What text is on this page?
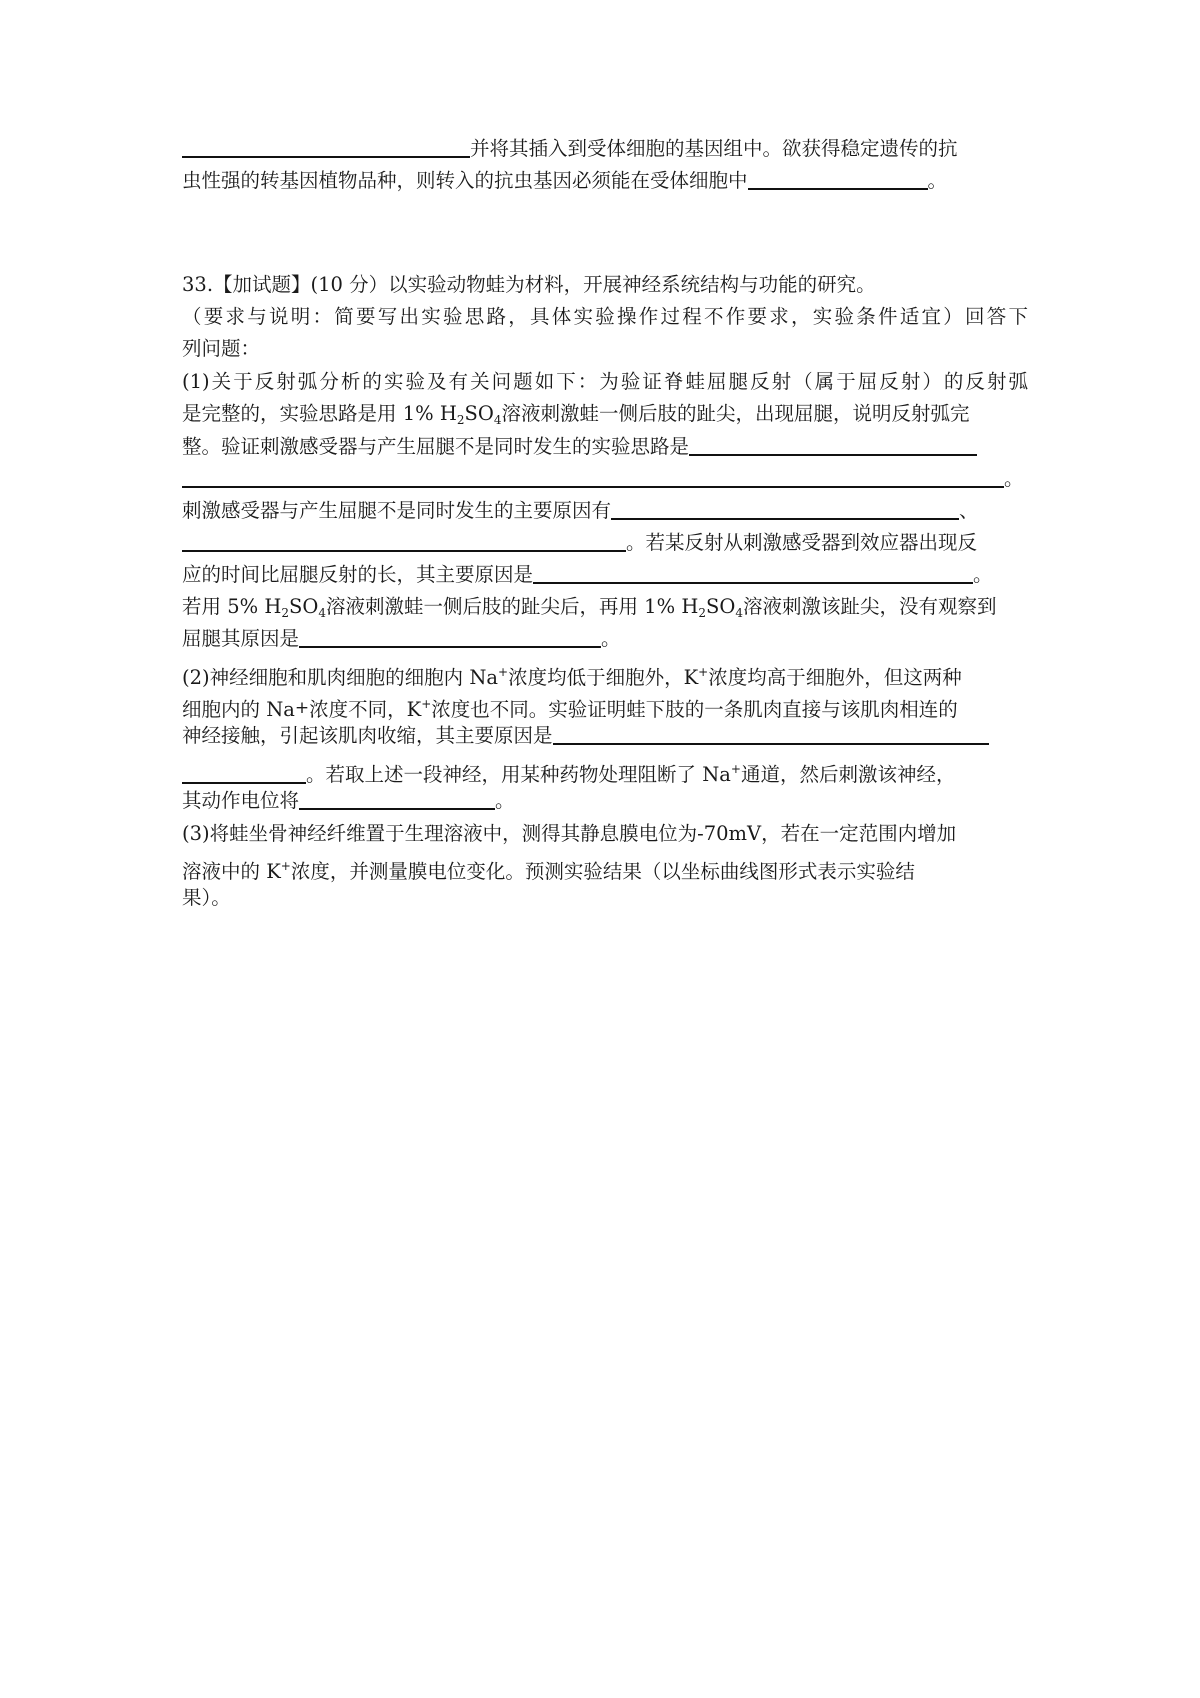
并将其插入到受体细胞的基因组中。欲获得稳定遗传的抗
虫性强的转基因植物品种，则转入的抗虫基因必须能在受体细胞中	。
33.【加试题】(10 分）以实验动物蛙为材料，开展神经系统结构与功能的研究。
（要求与说明：简要写出实验思路，具体实验操作过程不作要求，实验条件适宜）回答下
列问题：
(1)关于反射弧分析的实验及有关问题如下：为验证脊蛙屈腿反射（属于屈反射）的反射弧
是完整的，实验思路是用 1% $H_2SO_4$溶液刺激蛙一侧后肢的趾尖，出现屈腿，说明反射弧完
整。验证刺激感受器与产生屈腿不是同时发生的实验思路是
。
刺激感受器与产生屈腿不是同时发生的主要原因有	、
。若某反射从刺激感受器到效应器出现反
应的时间比屈腿反射的长，其主要原因是	。
若用 5% $H_2SO_4$溶液刺激蛙一侧后肢的趾尖后，再用 1% $H_2SO_4$溶液刺激该趾尖，没有观察到
屈腿其原因是	。
(2)神经细胞和肌肉细胞的细胞内 Na+浓度均低于细胞外，K+浓度均高于细胞外，但这两种
细胞内的 Na+浓度不同，K+浓度也不同。实验证明蛙下肢的一条肌肉直接与该肌肉相连的
神经接触，引起该肌肉收缩，其主要原因是
。若取上述一段神经，用某种药物处理阻断了 Na+通道，然后刺激该神经，
其动作电位将	。
(3)将蛙坐骨神经纤维置于生理溶液中，测得其静息膜电位为-70mV，若在一定范围内增加
溶液中的 K+浓度，并测量膜电位变化。预测实验结果（以坐标曲线图形式表示实验结
果）。
